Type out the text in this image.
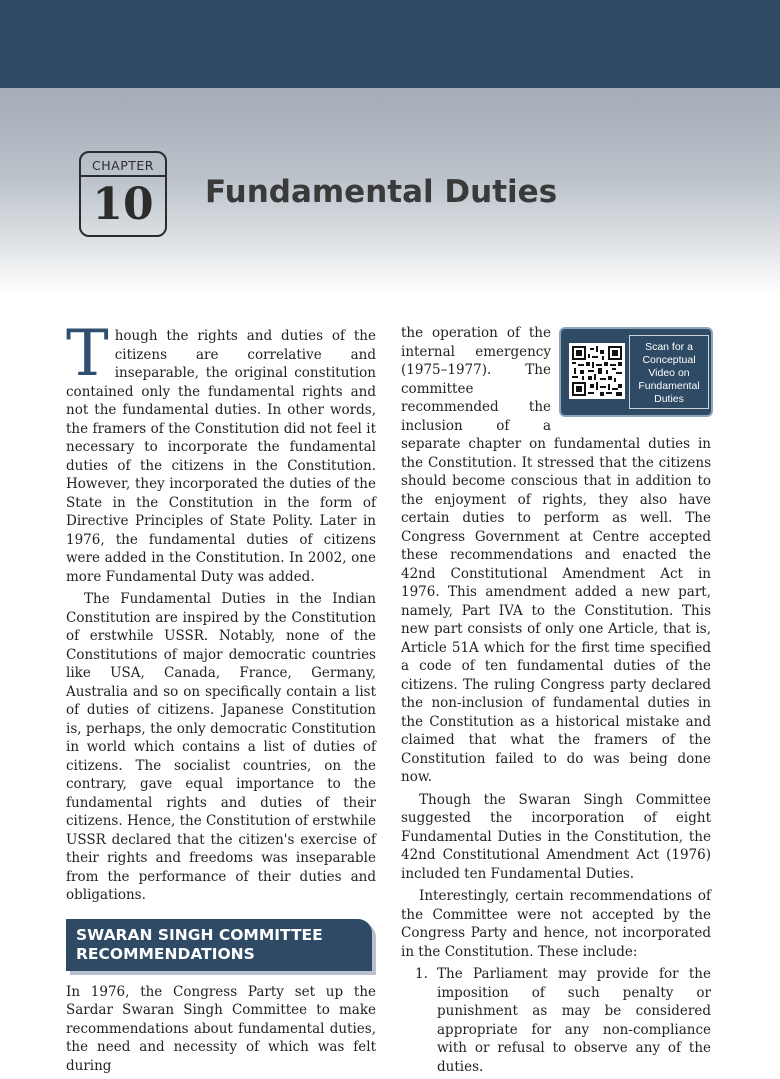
CHAPTER
10	Fundamental Duties

Though the rights and duties of the citizens are correlative and inseparable, the original constitution contained only the fundamental rights and not the fundamental duties. In other words, the framers of the Constitution did not feel it necessary to incorporate the fundamental duties of the citizens in the Constitution. However, they incorporated the duties of the State in the Constitution in the form of Directive Principles of State Polity. Later in 1976, the fundamental duties of citizens were added in the Constitution. In 2002, one more Fundamental Duty was added.

The Fundamental Duties in the Indian Constitution are inspired by the Constitution of erstwhile USSR. Notably, none of the Constitutions of major democratic countries like USA, Canada, France, Germany, Australia and so on specifically contain a list of duties of citizens. Japanese Constitution is, perhaps, the only democratic Constitution in world which contains a list of duties of citizens. The socialist countries, on the contrary, gave equal importance to the fundamental rights and duties of their citizens. Hence, the Constitution of erstwhile USSR declared that the citizen's exercise of their rights and freedoms was inseparable from the performance of their duties and obligations.

SWARAN SINGH COMMITTEE RECOMMENDATIONS

In 1976, the Congress Party set up the Sardar Swaran Singh Committee to make recommendations about fundamental duties, the need and necessity of which was felt during

Scan for a Conceptual Video on Fundamental Duties

the operation of the internal emergency (1975–1977). The committee recommended the inclusion of a separate chapter on fundamental duties in the Constitution. It stressed that the citizens should become conscious that in addition to the enjoyment of rights, they also have certain duties to perform as well. The Congress Government at Centre accepted these recommendations and enacted the 42nd Constitutional Amendment Act in 1976. This amendment added a new part, namely, Part IVA to the Constitution. This new part consists of only one Article, that is, Article 51A which for the first time specified a code of ten fundamental duties of the citizens. The ruling Congress party declared the non-inclusion of fundamental duties in the Constitution as a historical mistake and claimed that what the framers of the Constitution failed to do was being done now.

Though the Swaran Singh Committee suggested the incorporation of eight Fundamental Duties in the Constitution, the 42nd Constitutional Amendment Act (1976) included ten Fundamental Duties.

Interestingly, certain recommendations of the Committee were not accepted by the Congress Party and hence, not incorporated in the Constitution. These include:

1. The Parliament may provide for the imposition of such penalty or punishment as may be considered appropriate for any non-compliance with or refusal to observe any of the duties.
